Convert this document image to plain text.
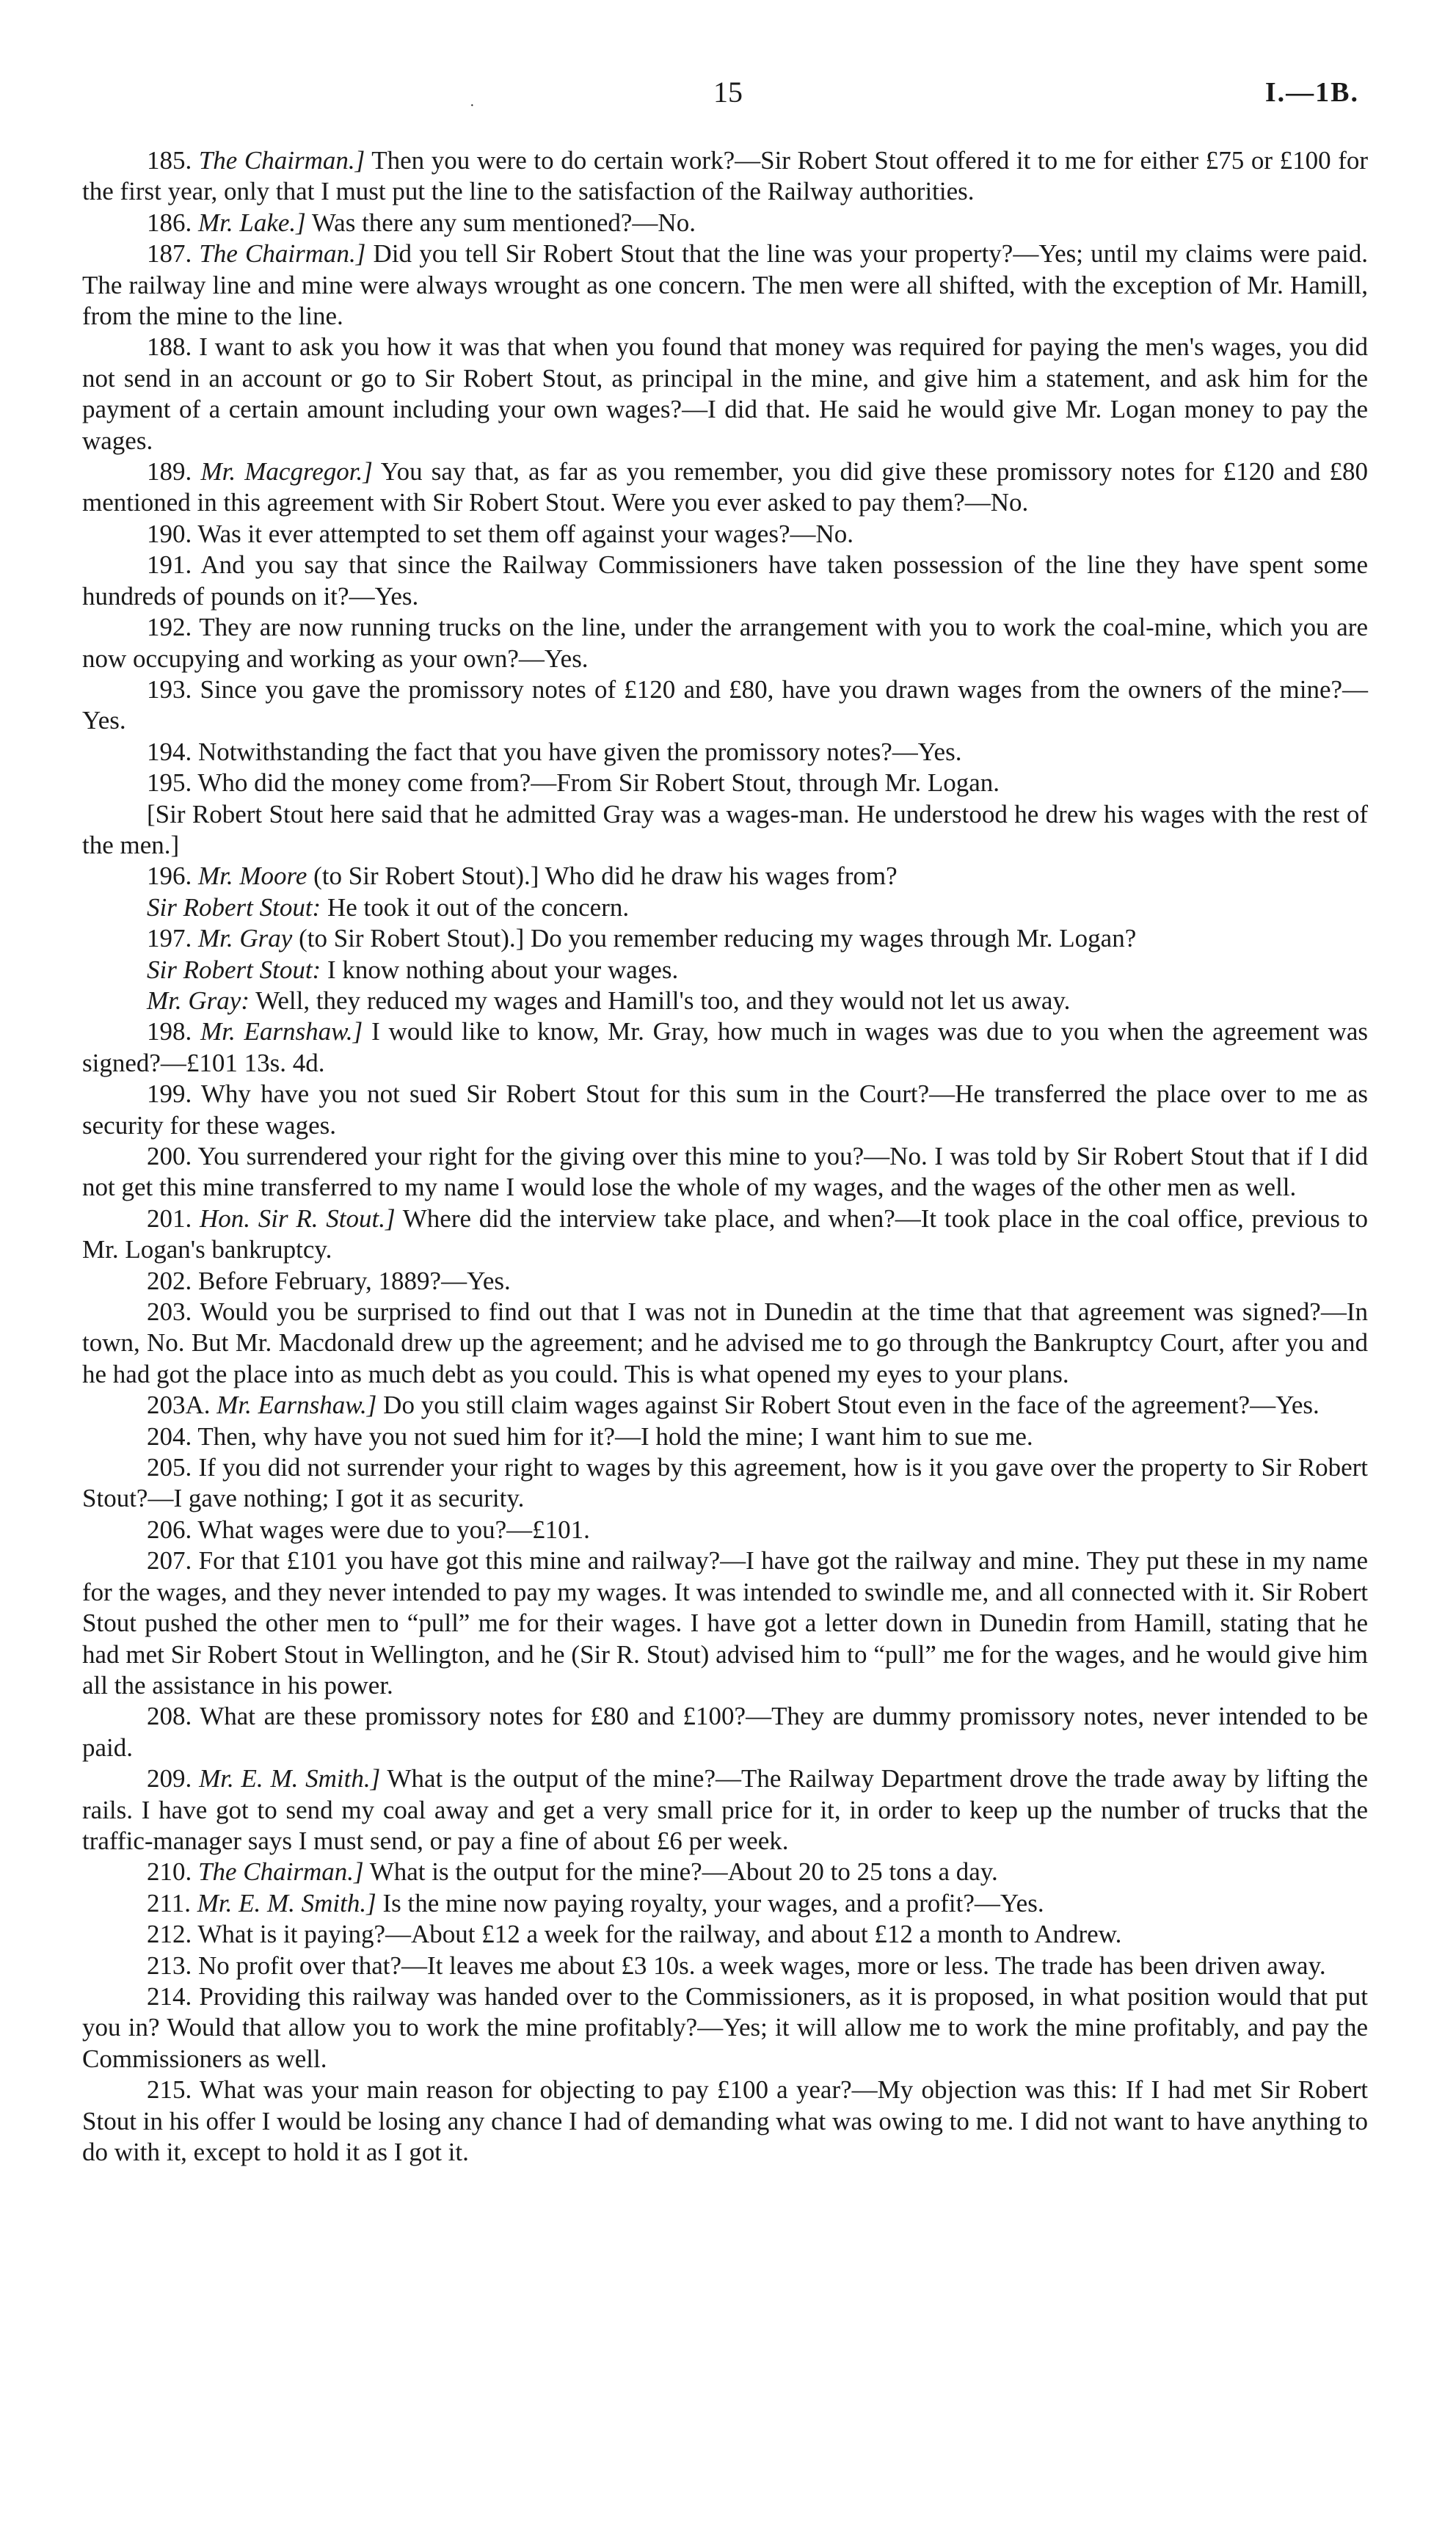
·	15	I.—1B.

185. The Chairman.] Then you were to do certain work?—Sir Robert Stout offered it to me for either £75 or £100 for the first year, only that I must put the line to the satisfaction of the Railway authorities.

186. Mr. Lake.] Was there any sum mentioned?—No.

187. The Chairman.] Did you tell Sir Robert Stout that the line was your property?—Yes; until my claims were paid. The railway line and mine were always wrought as one concern. The men were all shifted, with the exception of Mr. Hamill, from the mine to the line.

188. I want to ask you how it was that when you found that money was required for paying the men's wages, you did not send in an account or go to Sir Robert Stout, as principal in the mine, and give him a statement, and ask him for the payment of a certain amount including your own wages?—I did that. He said he would give Mr. Logan money to pay the wages.

189. Mr. Macgregor.] You say that, as far as you remember, you did give these promissory notes for £120 and £80 mentioned in this agreement with Sir Robert Stout. Were you ever asked to pay them?—No.

190. Was it ever attempted to set them off against your wages?—No.

191. And you say that since the Railway Commissioners have taken possession of the line they have spent some hundreds of pounds on it?—Yes.

192. They are now running trucks on the line, under the arrangement with you to work the coal-mine, which you are now occupying and working as your own?—Yes.

193. Since you gave the promissory notes of £120 and £80, have you drawn wages from the owners of the mine?—Yes.

194. Notwithstanding the fact that you have given the promissory notes?—Yes.

195. Who did the money come from?—From Sir Robert Stout, through Mr. Logan.

[Sir Robert Stout here said that he admitted Gray was a wages-man. He understood he drew his wages with the rest of the men.]

196. Mr. Moore (to Sir Robert Stout).] Who did he draw his wages from?

Sir Robert Stout: He took it out of the concern.

197. Mr. Gray (to Sir Robert Stout).] Do you remember reducing my wages through Mr. Logan?

Sir Robert Stout: I know nothing about your wages.

Mr. Gray: Well, they reduced my wages and Hamill's too, and they would not let us away.

198. Mr. Earnshaw.] I would like to know, Mr. Gray, how much in wages was due to you when the agreement was signed?—£101 13s. 4d.

199. Why have you not sued Sir Robert Stout for this sum in the Court?—He transferred the place over to me as security for these wages.

200. You surrendered your right for the giving over this mine to you?—No. I was told by Sir Robert Stout that if I did not get this mine transferred to my name I would lose the whole of my wages, and the wages of the other men as well.

201. Hon. Sir R. Stout.] Where did the interview take place, and when?—It took place in the coal office, previous to Mr. Logan's bankruptcy.

202. Before February, 1889?—Yes.

203. Would you be surprised to find out that I was not in Dunedin at the time that that agreement was signed?—In town, No. But Mr. Macdonald drew up the agreement; and he advised me to go through the Bankruptcy Court, after you and he had got the place into as much debt as you could. This is what opened my eyes to your plans.

203A. Mr. Earnshaw.] Do you still claim wages against Sir Robert Stout even in the face of the agreement?—Yes.

204. Then, why have you not sued him for it?—I hold the mine; I want him to sue me.

205. If you did not surrender your right to wages by this agreement, how is it you gave over the property to Sir Robert Stout?—I gave nothing; I got it as security.

206. What wages were due to you?—£101.

207. For that £101 you have got this mine and railway?—I have got the railway and mine. They put these in my name for the wages, and they never intended to pay my wages. It was intended to swindle me, and all connected with it. Sir Robert Stout pushed the other men to “pull” me for their wages. I have got a letter down in Dunedin from Hamill, stating that he had met Sir Robert Stout in Wellington, and he (Sir R. Stout) advised him to “pull” me for the wages, and he would give him all the assistance in his power.

208. What are these promissory notes for £80 and £100?—They are dummy promissory notes, never intended to be paid.

209. Mr. E. M. Smith.] What is the output of the mine?—The Railway Department drove the trade away by lifting the rails. I have got to send my coal away and get a very small price for it, in order to keep up the number of trucks that the traffic-manager says I must send, or pay a fine of about £6 per week.

210. The Chairman.] What is the output for the mine?—About 20 to 25 tons a day.

211. Mr. E. M. Smith.] Is the mine now paying royalty, your wages, and a profit?—Yes.

212. What is it paying?—About £12 a week for the railway, and about £12 a month to Andrew.

213. No profit over that?—It leaves me about £3 10s. a week wages, more or less. The trade has been driven away.

214. Providing this railway was handed over to the Commissioners, as it is proposed, in what position would that put you in? Would that allow you to work the mine profitably?—Yes; it will allow me to work the mine profitably, and pay the Commissioners as well.

215. What was your main reason for objecting to pay £100 a year?—My objection was this: If I had met Sir Robert Stout in his offer I would be losing any chance I had of demanding what was owing to me. I did not want to have anything to do with it, except to hold it as I got it.
